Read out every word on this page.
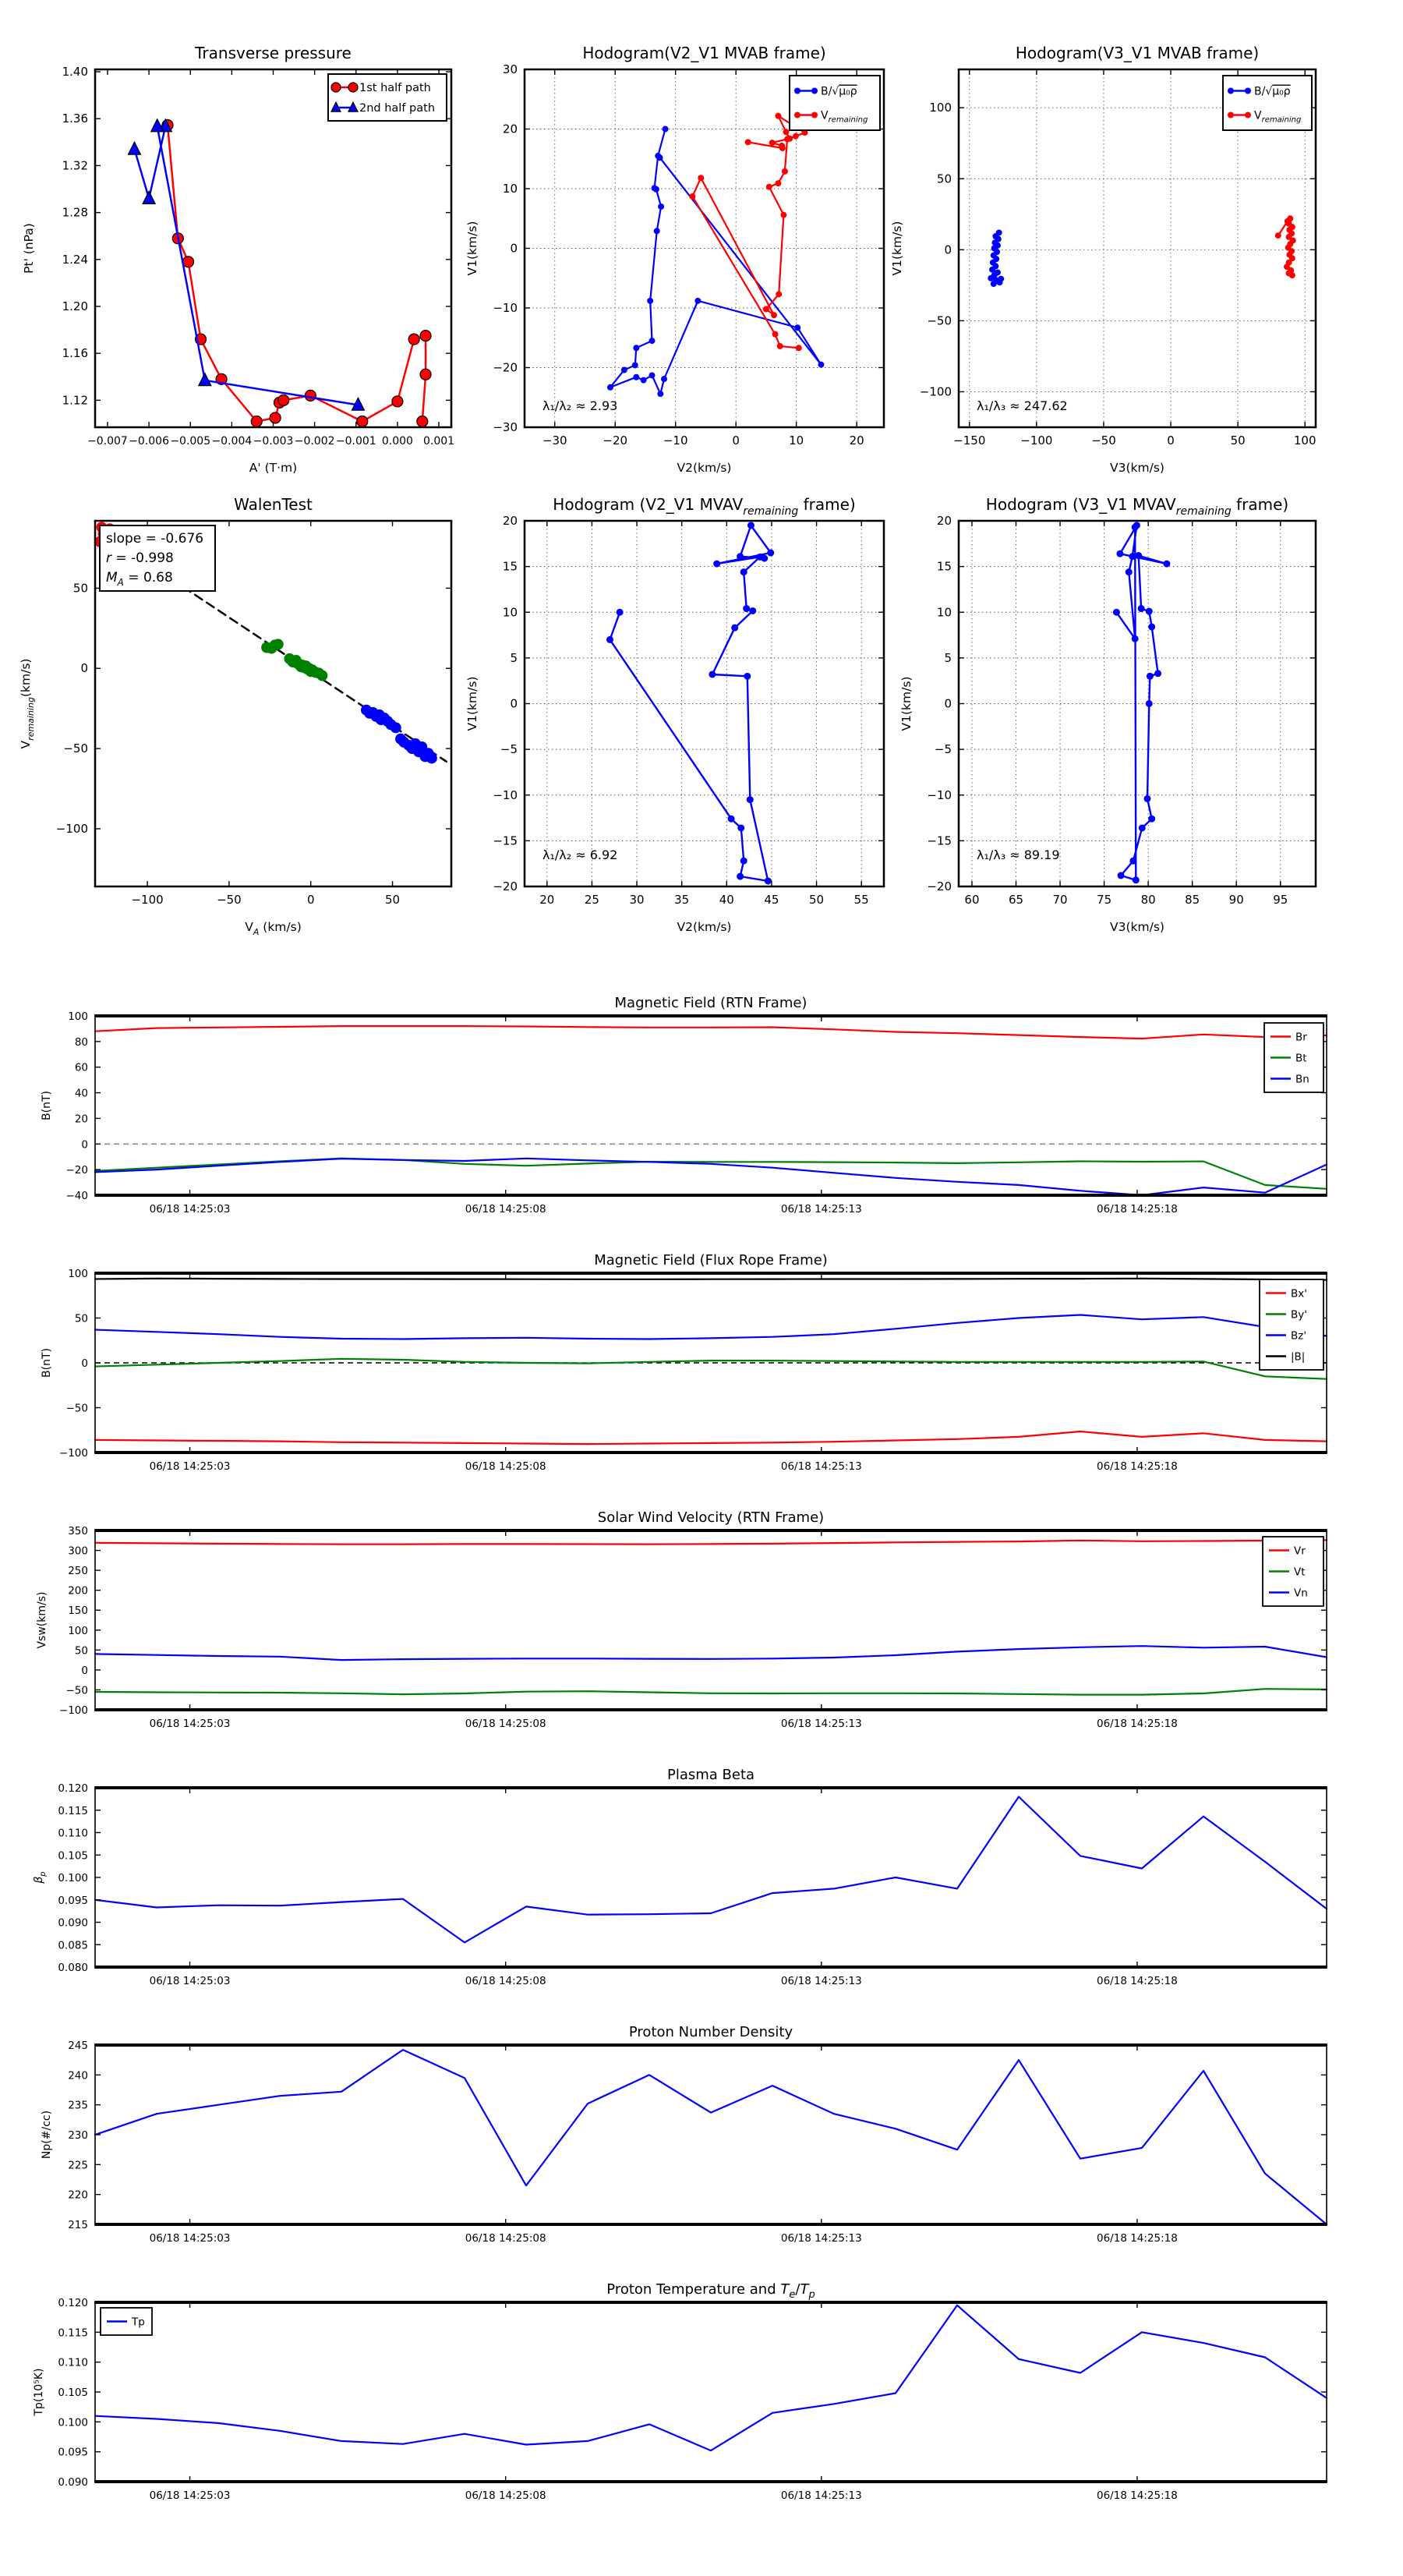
−0.007 −0.006 −0.005 −0.004 −0.003 −0.002 −0.001 0.000 0.001
1.12
1.16
1.20
1.24
1.28
1.32
1.36
1.40
Transverse pressure
A' (T·m)
Pt' (nPa)
1st half path
2nd half path
λ₁/λ₂ ≈ 2.93
−30	−20	−10	0	10	20
−30
−20
−10
0
10
20
30
Hodogram(V2_V1 MVAB frame)
V2(km/s)
V1(km/s)
B/√μ₀ρ
$V_{remaining}$
λ₁/λ₃ ≈ 247.62
−150	−100	−50	0	50	100
−100
−50
0
50
100
Hodogram(V3_V1 MVAB frame)
V3(km/s)
V1(km/s)
B/√μ₀ρ
$V_{remaining}$
slope = -0.676
r = -0.998
$M_A = 0.68$
−100	−50	0	50
−100
−50
0
50
WalenTest
$V_A$ (km/s)
$V_{remaining}(km/s)$
λ₁/λ₂ ≈ 6.92
20	25	30	35	40	45	50	55
−20
−15
−10
−5
0
5
10
15
20
Hodogram (V2_V1 $MVAV_{remaining}$ frame)
V2(km/s)
V1(km/s)
λ₁/λ₃ ≈ 89.19
60 65 70 75 80 85 90 95
−20
−15
−10
−5
0
5
10
15
20
Hodogram (V3_V1 $MVAV_{remaining}$ frame)
V3(km/s)
V1(km/s)
06/18 14:25:03	06/18 14:25:08	06/18 14:25:13	06/18 14:25:18
−40
−20
0
20
40
60
80
100
Magnetic Field (RTN Frame)
B(nT)
Br
Bt
Bn
06/18 14:25:03	06/18 14:25:08	06/18 14:25:13	06/18 14:25:18
−100
−50
0
50
100
Magnetic Field (Flux Rope Frame)
B(nT)
Bx'
By'
Bz'
|B|
06/18 14:25:03	06/18 14:25:08	06/18 14:25:13	06/18 14:25:18
−100
−50
0
50
100
150
200
250
300
350
Solar Wind Velocity (RTN Frame)
Vsw(km/s)
Vr
Vt
Vn
06/18 14:25:03	06/18 14:25:08	06/18 14:25:13	06/18 14:25:18
0.080
0.085
0.090
0.095
0.100
0.105
0.110
0.115
0.120
Plasma Beta
$\beta_p$
06/18 14:25:03	06/18 14:25:08	06/18 14:25:13	06/18 14:25:18
215
220
225
230
235
240
245
Proton Number Density
Np(#/cc)
06/18 14:25:03	06/18 14:25:08	06/18 14:25:13	06/18 14:25:18
0.090
0.095
0.100
0.105
0.110
0.115
0.120
Proton Temperature and $T_e/T_p$
Tp(10⁵K)
Tp
